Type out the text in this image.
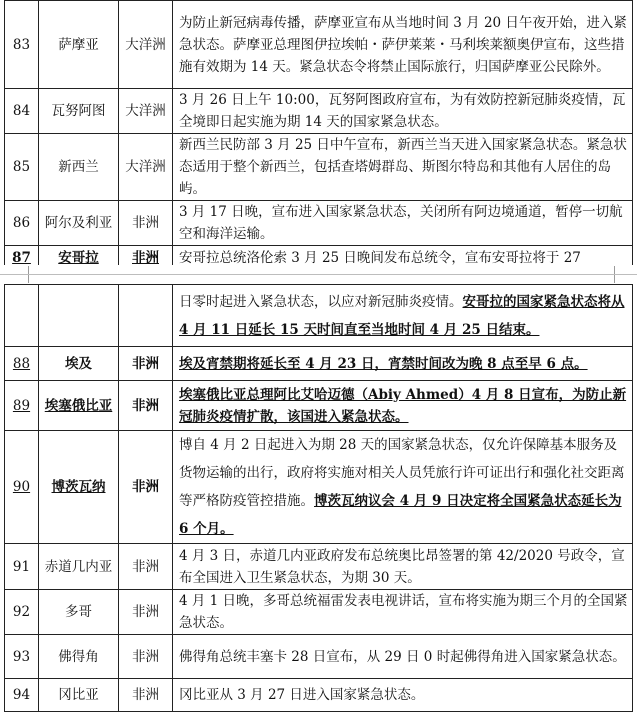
83	萨摩亚	大洋洲	为防止新冠病毒传播，萨摩亚宣布从当地时间 3 月 20 日午夜开始，进入紧急状态。萨摩亚总理图伊拉埃帕・萨伊莱莱・马利埃莱额奥伊宣布，这些措施有效期为 14 天。紧急状态令将禁止国际旅行，归国萨摩亚公民除外。
84	瓦努阿图	大洋洲	3 月 26 日上午 10:00，瓦努阿图政府宣布，为有效防控新冠肺炎疫情，瓦全境即日起实施为期 14 天的国家紧急状态。
85	新西兰	大洋洲	新西兰民防部 3 月 25 日中午宣布，新西兰当天进入国家紧急状态。紧急状态适用于整个新西兰，包括查塔姆群岛、斯图尔特岛和其他有人居住的岛屿。
86	阿尔及利亚	非洲	3 月 17 日晚，宣布进入国家紧急状态，关闭所有阿边境通道，暂停一切航空和海洋运输。
87	安哥拉	非洲	安哥拉总统洛伦索 3 月 25 日晚间发布总统令，宣布安哥拉将于 27
			日零时起进入紧急状态，以应对新冠肺炎疫情。安哥拉的国家紧急状态将从 4 月 11 日延长 15 天时间直至当地时间 4 月 25 日结束。
88	埃及	非洲	埃及宵禁期将延长至 4 月 23 日，宵禁时间改为晚 8 点至早 6 点。
89	埃塞俄比亚	非洲	埃塞俄比亚总理阿比艾哈迈德（Abiy Ahmed）4 月 8 日宣布，为防止新冠肺炎疫情扩散，该国进入紧急状态。
90	博茨瓦纳	非洲	博自 4 月 2 日起进入为期 28 天的国家紧急状态，仅允许保障基本服务及货物运输的出行，政府将实施对相关人员凭旅行许可证出行和强化社交距离等严格防疫管控措施。博茨瓦纳议会 4 月 9 日决定将全国紧急状态延长为 6 个月。
91	赤道几内亚	非洲	4 月 3 日，赤道几内亚政府发布总统奥比昂签署的第 42/2020 号政令，宣布全国进入卫生紧急状态，为期 30 天。
92	多哥	非洲	4 月 1 日晚，多哥总统福雷发表电视讲话，宣布将实施为期三个月的全国紧急状态。
93	佛得角	非洲	佛得角总统丰塞卡 28 日宣布，从 29 日 0 时起佛得角进入国家紧急状态。
94	冈比亚	非洲	冈比亚从 3 月 27 日进入国家紧急状态。
